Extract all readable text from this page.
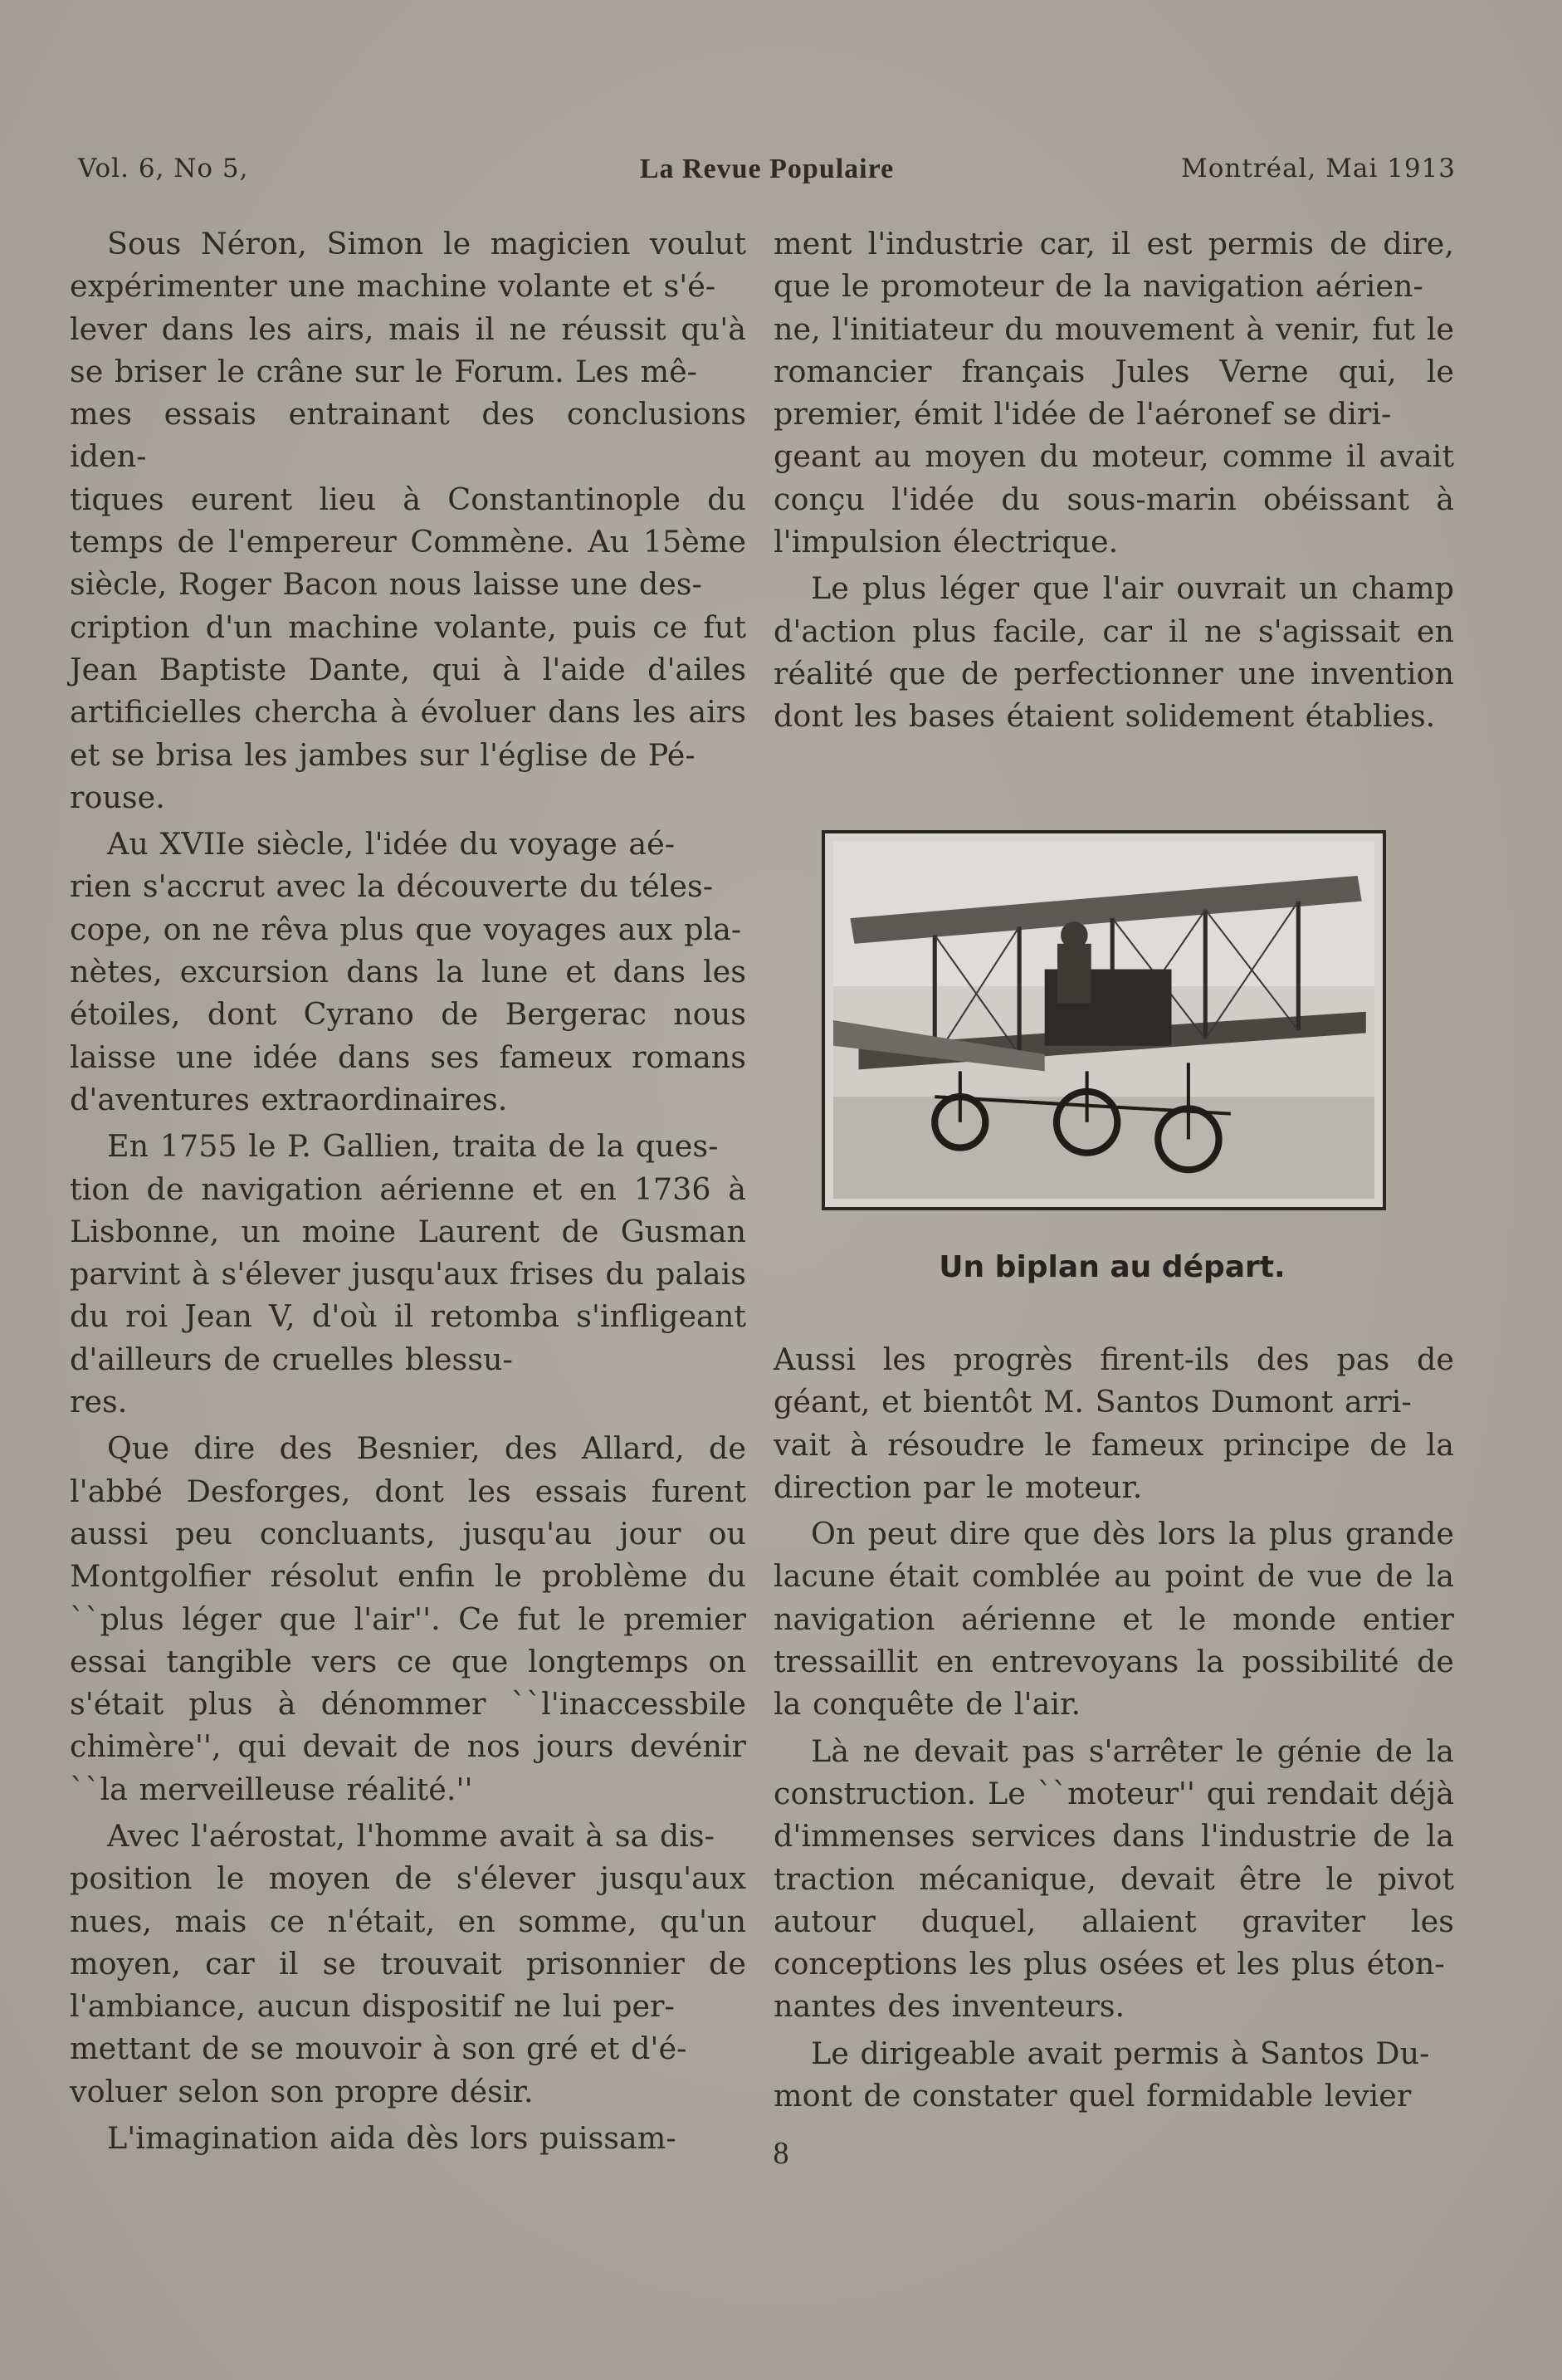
Vol. 6, No 5,	La Revue Populaire	Montréal, Mai 1913

Sous Néron, Simon le magicien voulut expérimenter une machine volante et s'é-
lever dans les airs, mais il ne réussit qu'à se briser le crâne sur le Forum. Les mê-
mes essais entrainant des conclusions iden-
tiques eurent lieu à Constantinople du temps de l'empereur Commène. Au 15ème siècle, Roger Bacon nous laisse une des-
cription d'un machine volante, puis ce fut Jean Baptiste Dante, qui à l'aide d'ailes artificielles chercha à évoluer dans les airs et se brisa les jambes sur l'église de Pé-
rouse.

Au XVIIe siècle, l'idée du voyage aé-
rien s'accrut avec la découverte du téles-
cope, on ne rêva plus que voyages aux pla-
nètes, excursion dans la lune et dans les étoiles, dont Cyrano de Bergerac nous laisse une idée dans ses fameux romans d'aventures extraordinaires.

En 1755 le P. Gallien, traita de la ques-
tion de navigation aérienne et en 1736 à Lisbonne, un moine Laurent de Gusman parvint à s'élever jusqu'aux frises du palais du roi Jean V, d'où il retomba s'infligeant d'ailleurs de cruelles blessu-
res.

Que dire des Besnier, des Allard, de l'abbé Desforges, dont les essais furent aussi peu concluants, jusqu'au jour ou Montgolfier résolut enfin le problème du ``plus léger que l'air''. Ce fut le premier essai tangible vers ce que longtemps on s'était plus à dénommer ``l'inaccessbile chimère'', qui devait de nos jours devénir ``la merveilleuse réalité.''

Avec l'aérostat, l'homme avait à sa dis-
position le moyen de s'élever jusqu'aux nues, mais ce n'était, en somme, qu'un moyen, car il se trouvait prisonnier de l'ambiance, aucun dispositif ne lui per-
mettant de se mouvoir à son gré et d'é-
voluer selon son propre désir.

L'imagination aida dès lors puissam-

ment l'industrie car, il est permis de dire, que le promoteur de la navigation aérien-
ne, l'initiateur du mouvement à venir, fut le romancier français Jules Verne qui, le premier, émit l'idée de l'aéronef se diri-
geant au moyen du moteur, comme il avait conçu l'idée du sous-marin obéissant à l'impulsion électrique.

Le plus léger que l'air ouvrait un champ d'action plus facile, car il ne s'agissait en réalité que de perfectionner une invention dont les bases étaient solidement établies.

Un biplan au départ.

Aussi les progrès firent-ils des pas de géant, et bientôt M. Santos Dumont arri-
vait à résoudre le fameux principe de la direction par le moteur.

On peut dire que dès lors la plus grande lacune était comblée au point de vue de la navigation aérienne et le monde entier tressaillit en entrevoyans la possibilité de la conquête de l'air.

Là ne devait pas s'arrêter le génie de la construction. Le ``moteur'' qui rendait déjà d'immenses services dans l'industrie de la traction mécanique, devait être le pivot autour duquel, allaient graviter les conceptions les plus osées et les plus éton-
nantes des inventeurs.

Le dirigeable avait permis à Santos Du-
mont de constater quel formidable levier

8
